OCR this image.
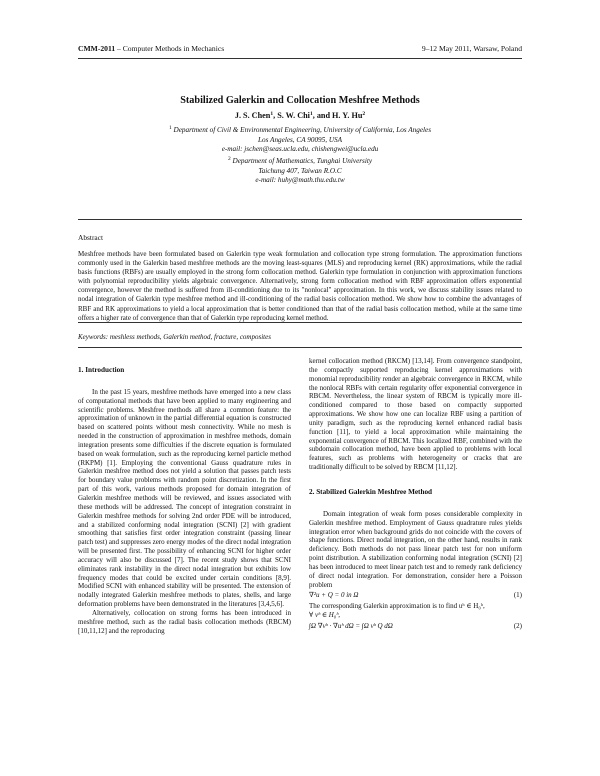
CMM-2011 – Computer Methods in Mechanics	9–12 May 2011, Warsaw, Poland
Stabilized Galerkin and Collocation Meshfree Methods
J. S. Chen$^1$, S. W. Chi$^1$, and H. Y. Hu$^2$
$^1$ Department of Civil & Environmental Engineering, University of California, Los Angeles
Los Angeles, CA 90095, USA
e-mail: jschen@seas.ucla.edu, chishengwei@ucla.edu
$^2$ Department of Mathematics, Tunghai University
Taichung 407, Taiwan R.O.C
e-mail: huhy@math.thu.edu.tw
Abstract
Meshfree methods have been formulated based on Galerkin type weak formulation and collocation type strong formulation. The approximation functions commonly used in the Galerkin based meshfree methods are the moving least-squares (MLS) and reproducing kernel (RK) approximations, while the radial basis functions (RBFs) are usually employed in the strong form collocation method. Galerkin type formulation in conjunction with approximation functions with polynomial reproducibility yields algebraic convergence. Alternatively, strong form collocation method with RBF approximation offers exponential convergence, however the method is suffered from ill-conditioning due to its "nonlocal" approximation. In this work, we discuss stability issues related to nodal integration of Galerkin type meshfree method and ill-conditioning of the radial basis collocation method. We show how to combine the advantages of RBF and RK approximations to yield a local approximation that is better conditioned than that of the radial basis collocation method, while at the same time offers a higher rate of convergence than that of Galerkin type reproducing kernel method.
Keywords: meshless methods, Galerkin method, fracture, composites
1. Introduction

In the past 15 years, meshfree methods have emerged into a new class of computational methods that have been applied to many engineering and scientific problems. Meshfree methods all share a common feature: the approximation of unknown in the partial differential equation is constructed based on scattered points without mesh connectivity. While no mesh is needed in the construction of approximation in meshfree methods, domain integration presents some difficulties if the discrete equation is formulated based on weak formulation, such as the reproducing kernel particle method (RKPM) [1]. Employing the conventional Gauss quadrature rules in Galerkin meshfree method does not yield a solution that passes patch tests for boundary value problems with random point discretization. In the first part of this work, various methods proposed for domain integration of Galerkin meshfree methods will be reviewed, and issues associated with these methods will be addressed. The concept of integration constraint in Galerkin meshfree methods for solving 2nd order PDE will be introduced, and a stabilized conforming nodal integration (SCNI) [2] with gradient smoothing that satisfies first order integration constraint (passing linear patch test) and suppresses zero energy modes of the direct nodal integration will be presented first. The possibility of enhancing SCNI for higher order accuracy will also be discussed [7]. The recent study shows that SCNI eliminates rank instability in the direct nodal integration but exhibits low frequency modes that could be excited under certain conditions [8,9]. Modified SCNI with enhanced stability will be presented. The extension of nodally integrated Galerkin meshfree methods to plates, shells, and large deformation problems have been demonstrated in the literatures [3,4,5,6].

Alternatively, collocation on strong forms has been introduced in meshfree method, such as the radial basis collocation methods (RBCM) [10,11,12] and the reproducing

kernel collocation method (RKCM) [13,14]. From convergence standpoint, the compactly supported reproducing kernel approximations with monomial reproducibility render an algebraic convergence in RKCM, while the nonlocal RBFs with certain regularity offer exponential convergence in RBCM. Nevertheless, the linear system of RBCM is typically more ill-conditioned compared to those based on compactly supported approximations. We show how one can localize RBF using a partition of unity paradigm, such as the reproducing kernel enhanced radial basis function [11], to yield a local approximation while maintaining the exponential convergence of RBCM. This localized RBF, combined with the subdomain collocation method, have been applied to problems with local features, such as problems with heterogeneity or cracks that are traditionally difficult to be solved by RBCM [11,12].

2. Stabilized Galerkin Meshfree Method

Domain integration of weak form poses considerable complexity in Galerkin meshfree method. Employment of Gauss quadrature rules yields integration error when background grids do not coincide with the covers of shape functions. Direct nodal integration, on the other hand, results in rank deficiency. Both methods do not pass linear patch test for non uniform point distribution. A stabilization conforming nodal integration (SCNI) [2] has been introduced to meet linear patch test and to remedy rank deficiency of direct nodal integration. For demonstration, consider here a Poisson problem

∇²u + Q = 0 in Ω	(1)

The corresponding Galerkin approximation is to find uʰ ∈ H₀ʰ,

∀ vʰ ∈ H₀ʰ,
∫Ω ∇vʰ · ∇uʰ dΩ = ∫Ω vʰ Q dΩ	(2)
